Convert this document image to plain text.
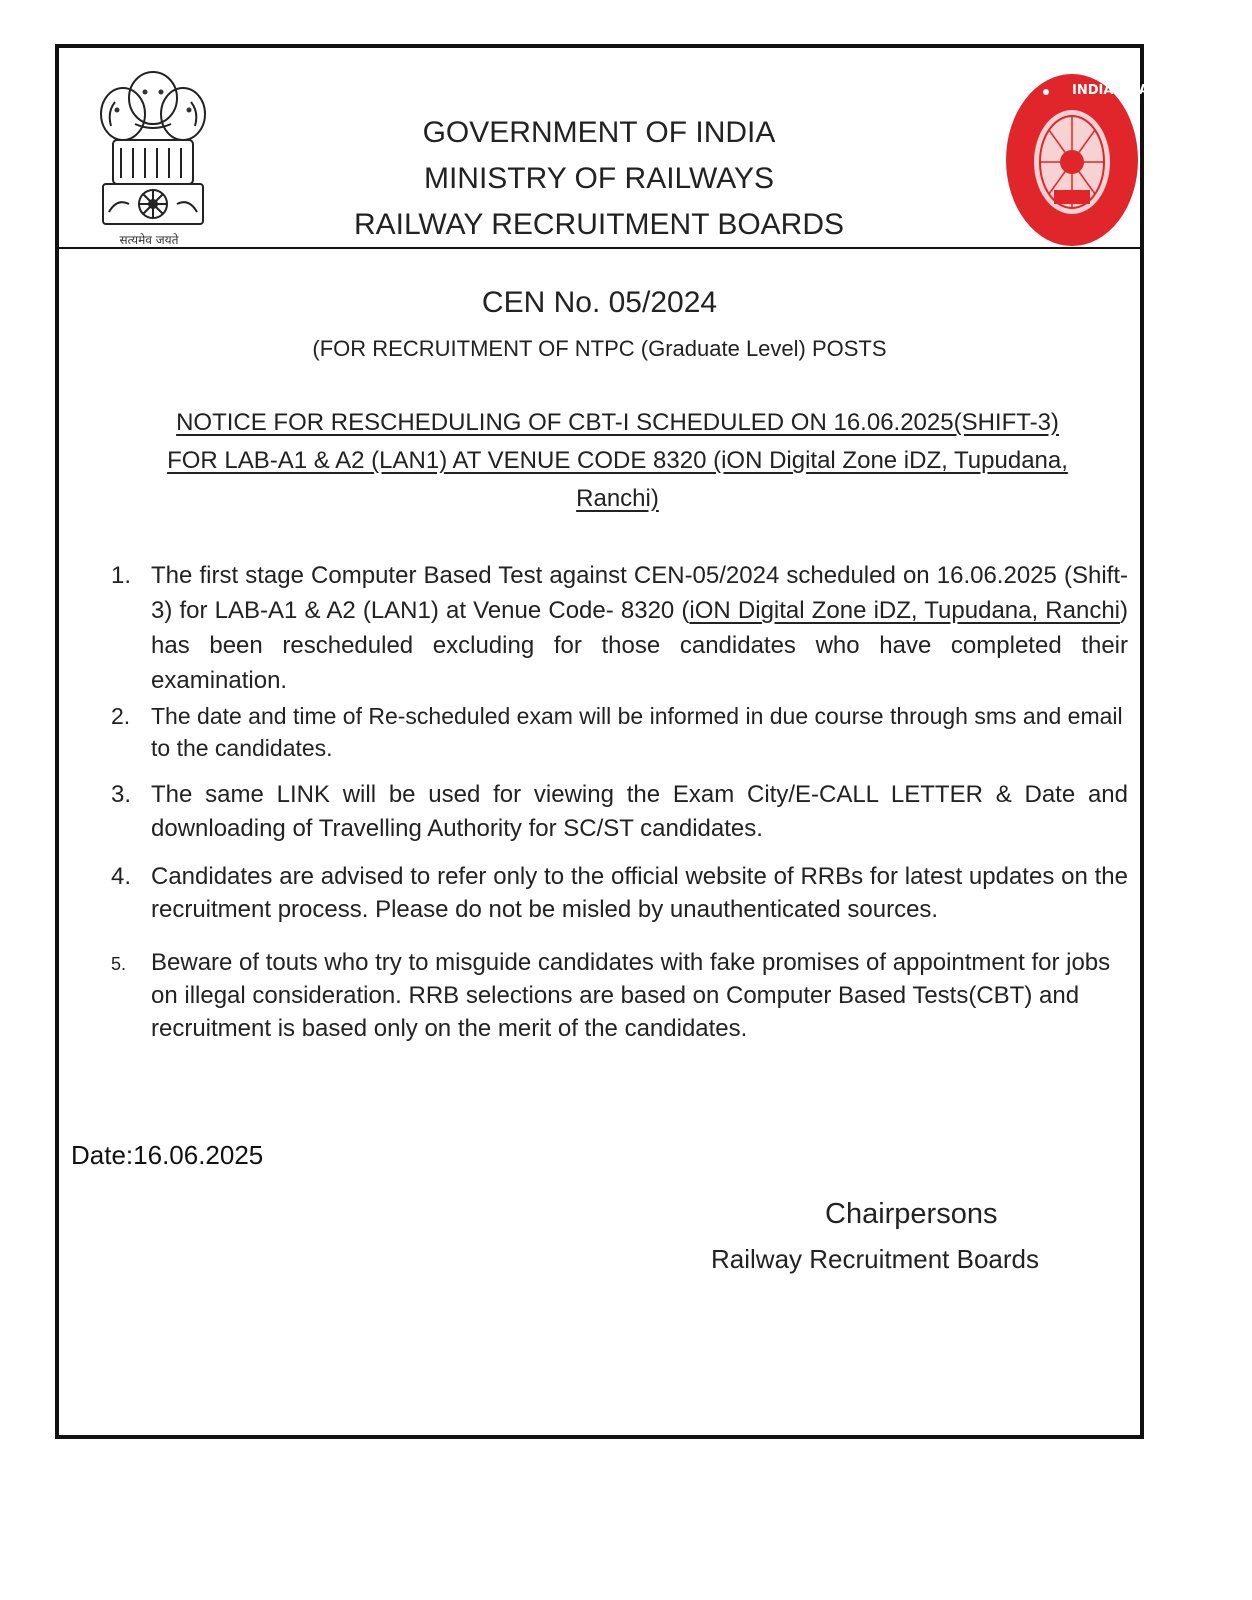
सत्यमेव जयते
GOVERNMENT OF INDIA
MINISTRY OF RAILWAYS
RAILWAY RECRUITMENT BOARDS
INDIAN RAILWAYS
CEN No. 05/2024
(FOR RECRUITMENT OF NTPC (Graduate Level) POSTS
NOTICE FOR RESCHEDULING OF CBT-I SCHEDULED ON 16.06.2025(SHIFT-3)
FOR LAB-A1 & A2 (LAN1) AT VENUE CODE 8320 (iON Digital Zone iDZ, Tupudana,
Ranchi)
1. The first stage Computer Based Test against CEN-05/2024 scheduled on 16.06.2025 (Shift-3) for LAB-A1 & A2 (LAN1) at Venue Code- 8320 (iON Digital Zone iDZ, Tupudana, Ranchi) has been rescheduled excluding for those candidates who have completed their examination.
2. The date and time of Re-scheduled exam will be informed in due course through sms and email to the candidates.
3. The same LINK will be used for viewing the Exam City/E-CALL LETTER & Date and downloading of Travelling Authority for SC/ST candidates.
4. Candidates are advised to refer only to the official website of RRBs for latest updates on the recruitment process. Please do not be misled by unauthenticated sources.
5. Beware of touts who try to misguide candidates with fake promises of appointment for jobs on illegal consideration. RRB selections are based on Computer Based Tests(CBT) and recruitment is based only on the merit of the candidates.
Date:16.06.2025
Chairpersons
Railway Recruitment Boards
